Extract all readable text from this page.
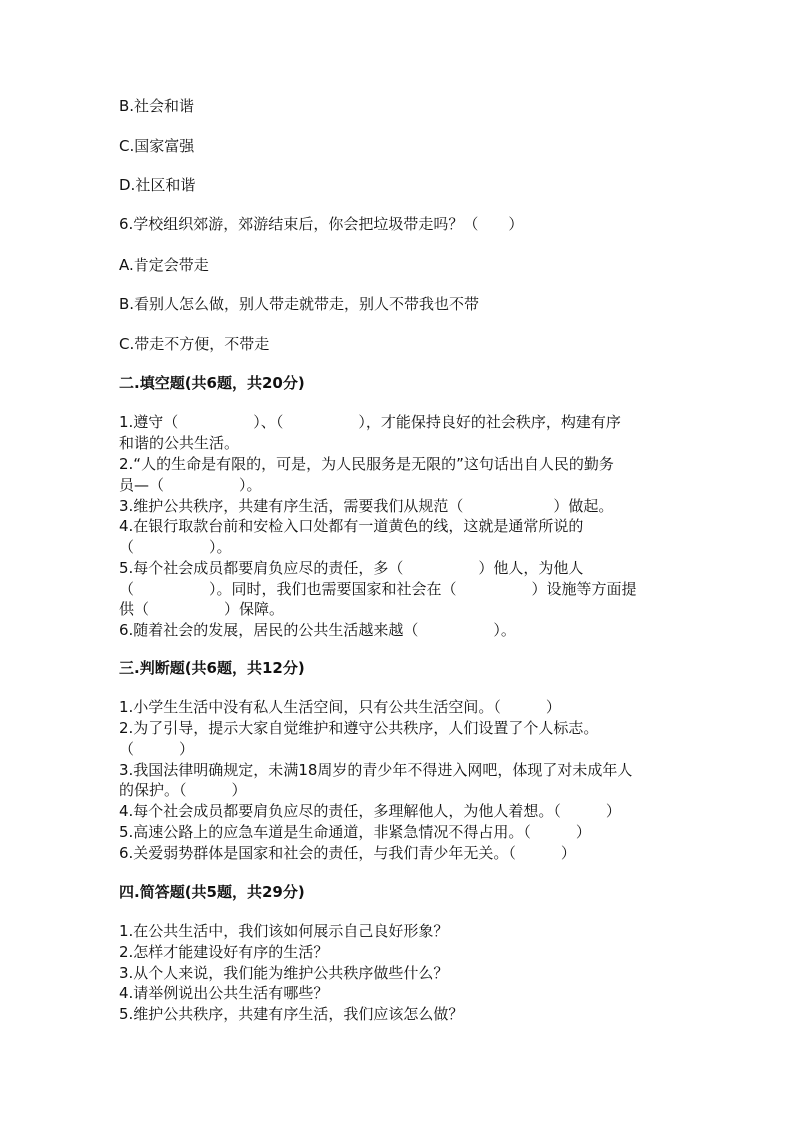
B.社会和谐
C.国家富强
D.社区和谐
6.学校组织郊游，郊游结束后，你会把垃圾带走吗？（　　）
A.肯定会带走
B.看别人怎么做，别人带走就带走，别人不带我也不带
C.带走不方便，不带走
二.填空题(共6题，共20分)
1.遵守（　　　　　）、（　　　　　），才能保持良好的社会秩序，构建有序
和谐的公共生活。
2.“人的生命是有限的，可是，为人民服务是无限的”这句话出自人民的勤务
员—（　　　　　）。
3.维护公共秩序，共建有序生活，需要我们从规范（　　　　　　）做起。
4.在银行取款台前和安检入口处都有一道黄色的线，这就是通常所说的
（　　　　　）。
5.每个社会成员都要肩负应尽的责任，多（　　　　　）他人，为他人
（　　　　　）。同时，我们也需要国家和社会在（　　　　　）设施等方面提
供（　　　　　）保障。
6.随着社会的发展，居民的公共生活越来越（　　　　　）。
三.判断题(共6题，共12分)
1.小学生生活中没有私人生活空间，只有公共生活空间。（　　　）
2.为了引导，提示大家自觉维护和遵守公共秩序，人们设置了个人标志。
（　　　）
3.我国法律明确规定，未满18周岁的青少年不得进入网吧，体现了对未成年人
的保护。（　　　）
4.每个社会成员都要肩负应尽的责任，多理解他人，为他人着想。（　　　）
5.高速公路上的应急车道是生命通道，非紧急情况不得占用。（　　　）
6.关爱弱势群体是国家和社会的责任，与我们青少年无关。（　　　）
四.简答题(共5题，共29分)
1.在公共生活中，我们该如何展示自己良好形象？
2.怎样才能建设好有序的生活？
3.从个人来说，我们能为维护公共秩序做些什么？
4.请举例说出公共生活有哪些？
5.维护公共秩序，共建有序生活，我们应该怎么做？
